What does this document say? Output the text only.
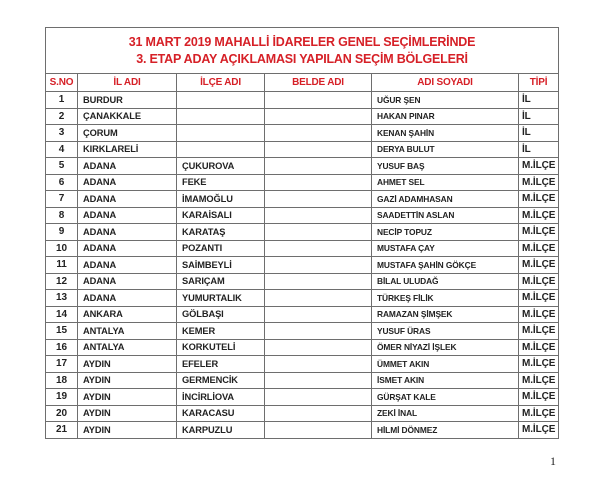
31 MART 2019 MAHALLİ İDARELER GENEL SEÇİMLERİNDE
3. ETAP ADAY AÇIKLAMASI YAPILAN SEÇİM BÖLGELERİ					

S.NO	İL ADI	İLÇE ADI	BELDE ADI	ADI SOYADI	TİPİ
1	BURDUR			UĞUR ŞEN	İL
2	ÇANAKKALE			HAKAN PINAR	İL
3	ÇORUM			KENAN ŞAHİN	İL
4	KIRKLARELİ			DERYA BULUT	İL
5	ADANA	ÇUKUROVA		YUSUF BAŞ	M.İLÇE
6	ADANA	FEKE		AHMET SEL	M.İLÇE
7	ADANA	İMAMOĞLU		GAZİ ADAMHASAN	M.İLÇE
8	ADANA	KARAİSALI		SAADETTİN ASLAN	M.İLÇE
9	ADANA	KARATAŞ		NECİP TOPUZ	M.İLÇE
10	ADANA	POZANTI		MUSTAFA ÇAY	M.İLÇE
11	ADANA	SAİMBEYLİ		MUSTAFA ŞAHİN GÖKÇE	M.İLÇE
12	ADANA	SARIÇAM		BİLAL ULUDAĞ	M.İLÇE
13	ADANA	YUMURTALIK		TÜRKEŞ FİLİK	M.İLÇE
14	ANKARA	GÖLBAŞI		RAMAZAN ŞİMŞEK	M.İLÇE
15	ANTALYA	KEMER		YUSUF ÜRAS	M.İLÇE
16	ANTALYA	KORKUTELİ		ÖMER NİYAZİ İŞLEK	M.İLÇE
17	AYDIN	EFELER		ÜMMET AKIN	M.İLÇE
18	AYDIN	GERMENCİK		İSMET AKIN	M.İLÇE
19	AYDIN	İNCİRLİOVA		GÜRŞAT KALE	M.İLÇE
20	AYDIN	KARACASU		ZEKİ İNAL	M.İLÇE
21	AYDIN	KARPUZLU		HİLMİ DÖNMEZ	M.İLÇE
1
